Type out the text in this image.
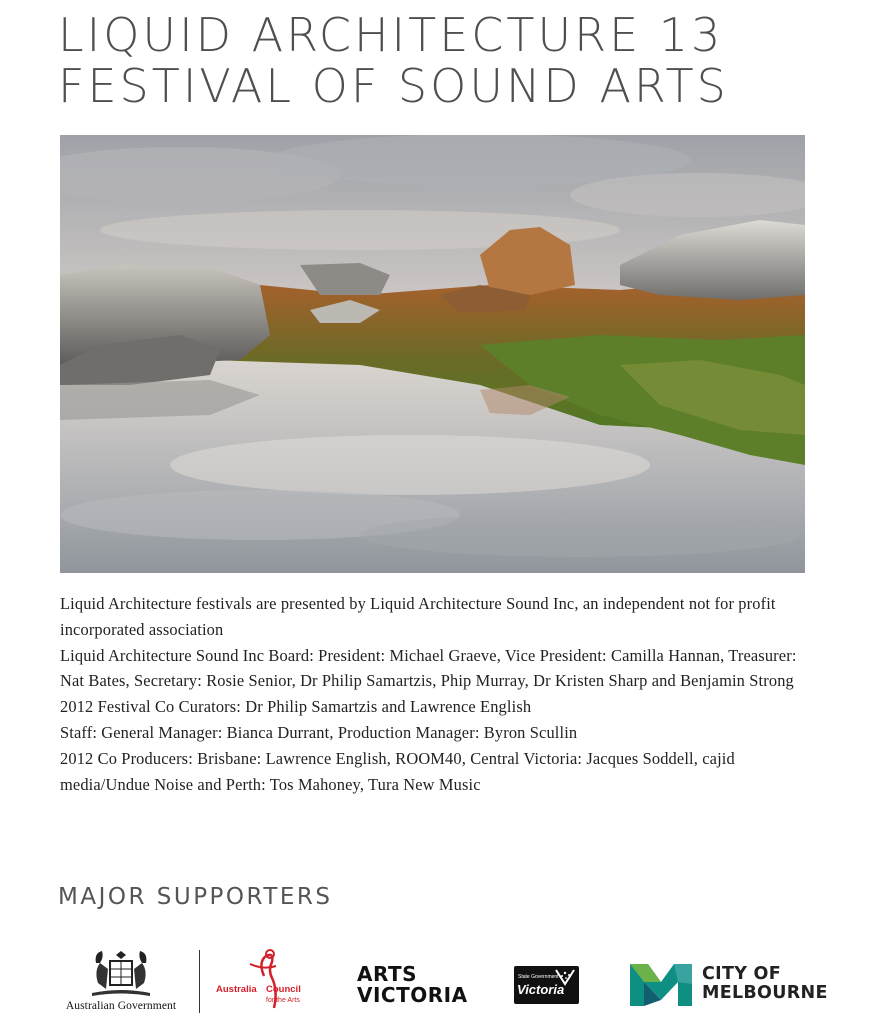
LIQUID ARCHITECTURE 13
FESTIVAL OF SOUND ARTS

Liquid Architecture festivals are presented by Liquid Architecture Sound Inc, an independent not for profit incorporated association

Liquid Architecture Sound Inc Board: President: Michael Graeve, Vice President: Camilla Hannan, Treasurer: Nat Bates, Secretary: Rosie Senior, Dr Philip Samartzis, Phip Murray, Dr Kristen Sharp and Benjamin Strong

2012 Festival Co Curators: Dr Philip Samartzis and Lawrence English

Staff: General Manager: Bianca Durrant, Production Manager: Byron Scullin

2012 Co Producers: Brisbane: Lawrence English, ROOM40, Central Victoria: Jacques Soddell, cajid media/Undue Noise and Perth: Tos Mahoney, Tura New Music

MAJOR SUPPORTERS
Australian Government
Australia Council
for the Arts
ARTS
VICTORIA
State Government
Victoria
CITY OF
MELBOURNE
